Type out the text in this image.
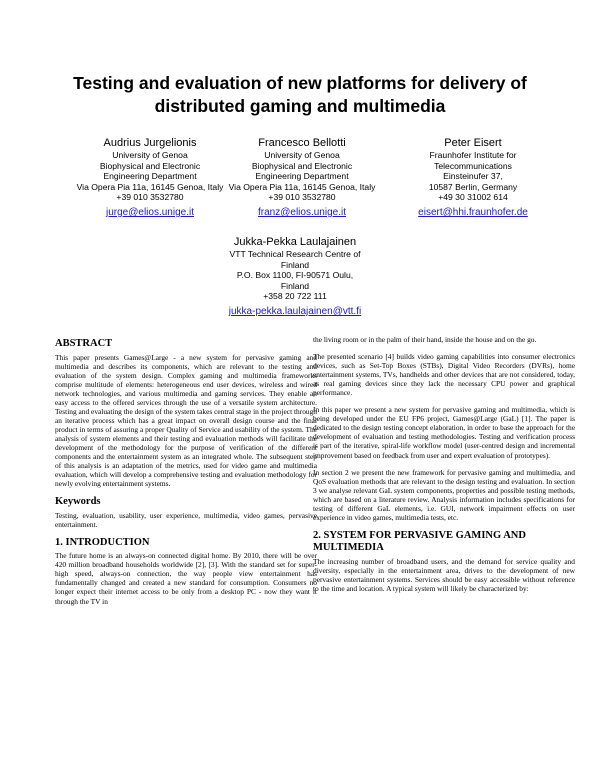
Testing and evaluation of new platforms for delivery of distributed gaming and multimedia
Audrius Jurgelionis
University of Genoa
Biophysical and Electronic
Engineering Department
Via Opera Pia 11a, 16145 Genoa, Italy
+39 010 3532780
jurge@elios.unige.it
Francesco Bellotti
University of Genoa
Biophysical and Electronic
Engineering Department
Via Opera Pia 11a, 16145 Genoa, Italy
+39 010 3532780
franz@elios.unige.it
Peter Eisert
Fraunhofer Institute for
Telecommunications
Einsteinufer 37,
10587 Berlin, Germany
+49 30 31002 614
eisert@hhi.fraunhofer.de
Jukka-Pekka Laulajainen
VTT Technical Research Centre of
Finland
P.O. Box 1100, FI-90571 Oulu,
Finland
+358 20 722 111
jukka-pekka.laulajainen@vtt.fi
ABSTRACT

This paper presents Games@Large - a new system for pervasive gaming and multimedia and describes its components, which are relevant to the testing and evaluation of the system design. Complex gaming and multimedia frameworks comprise multitude of elements: heterogeneous end user devices, wireless and wired network technologies, and various multimedia and gaming services. They enable an easy access to the offered services through the use of a versatile system architecture. Testing and evaluating the design of the system takes central stage in the project through an iterative process which has a great impact on overall design course and the final product in terms of assuring a proper Quality of Service and usability of the system. The analysis of system elements and their testing and evaluation methods will facilitate the development of the methodology for the purpose of verification of the different components and the entertainment system as an integrated whole. The subsequent step of this analysis is an adaptation of the metrics, used for video game and multimedia evaluation, which will develop a comprehensive testing and evaluation methodology for newly evolving entertainment systems.

Keywords

Testing, evaluation, usability, user experience, multimedia, video games, pervasive entertainment.

1. INTRODUCTION

The future home is an always-on connected digital home. By 2010, there will be over 420 million broadband households worldwide [2], [3]. With the standard set for super-high speed, always-on connection, the way people view entertainment has fundamentally changed and created a new standard for consumption. Consumers no longer expect their internet access to be only from a desktop PC - now they want it through the TV in

the living room or in the palm of their hand, inside the house and on the go.

The presented scenario [4] builds video gaming capabilities into consumer electronics devices, such as Set-Top Boxes (STBs), Digital Video Recorders (DVRs), home entertainment systems, TVs, handhelds and other devices that are not considered, today, as real gaming devices since they lack the necessary CPU power and graphical performance.

In this paper we present a new system for pervasive gaming and multimedia, which is being developed under the EU FP6 project, Games@Large (GaL) [1]. The paper is dedicated to the design testing concept elaboration, in order to base the approach for the development of evaluation and testing methodologies. Testing and verification process is part of the iterative, spiral-life workflow model (user-centred design and incremental improvement based on feedback from user and expert evaluation of prototypes).

In section 2 we present the new framework for pervasive gaming and multimedia, and QoS evaluation methods that are relevant to the design testing and evaluation. In section 3 we analyse relevant GaL system components, properties and possible testing methods, which are based on a literature review. Analysis information includes specifications for testing of different GaL elements, i.e. GUI, network impairment effects on user experience in video games, multimedia tests, etc.

2. SYSTEM FOR PERVASIVE GAMING AND MULTIMEDIA

The increasing number of broadband users, and the demand for service quality and diversity, especially in the entertainment area, drives to the development of new pervasive entertainment systems. Services should be easy accessible without reference to the time and location. A typical system will likely be characterized by:
